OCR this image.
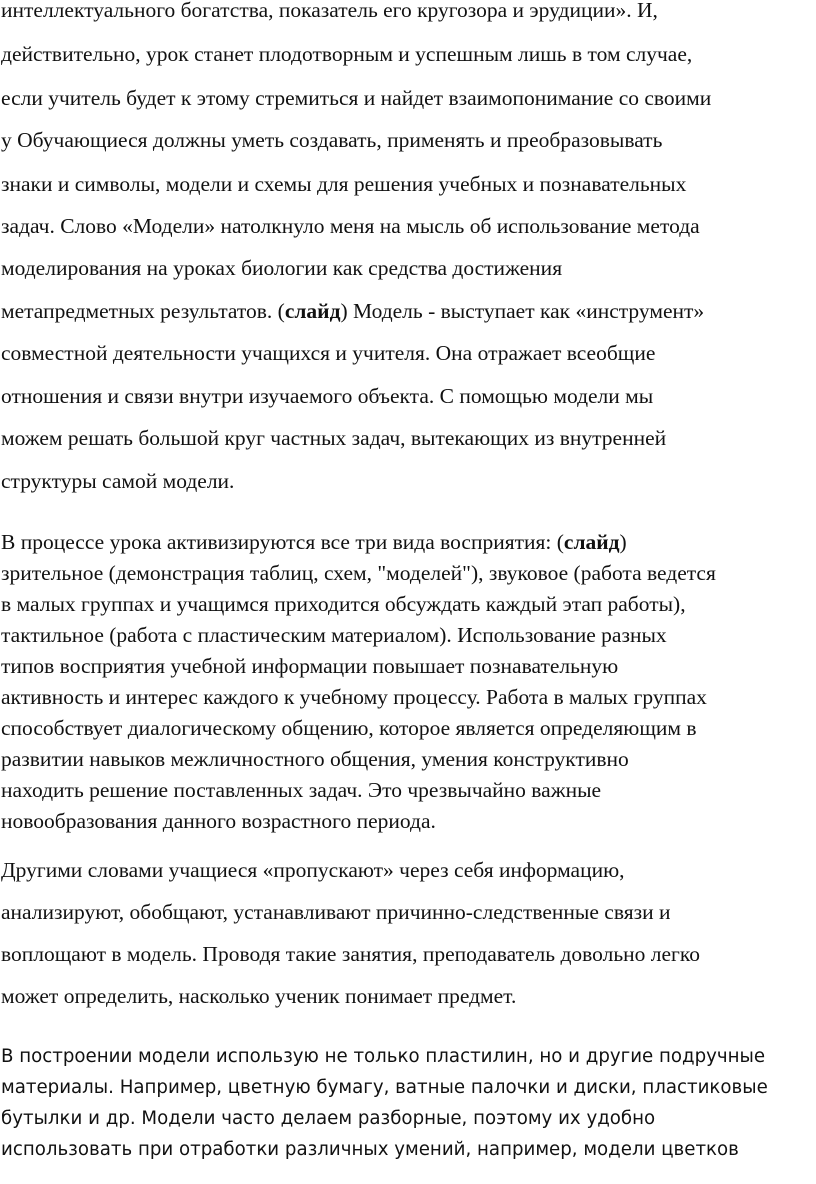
интеллектуального богатства, показатель его кругозора и эрудиции». И,
действительно, урок станет плодотворным и успешным лишь в том случае,
если учитель будет к этому стремиться и найдет взаимопонимание со своими
у Обучающиеся должны уметь создавать, применять и преобразовывать
знаки и символы, модели и схемы для решения учебных и познавательных
задач. Слово «Модели» натолкнуло меня на мысль об использование метода
моделирования на уроках биологии как средства достижения
метапредметных результатов. (слайд) Модель - выступает как «инструмент»
совместной деятельности учащихся и учителя. Она отражает всеобщие
отношения и связи внутри изучаемого объекта. С помощью модели мы
можем решать большой круг частных задач, вытекающих из внутренней
структуры самой модели.
В процессе урока активизируются все три вида восприятия: (слайд)
зрительное (демонстрация таблиц, схем, "моделей"), звуковое (работа ведется
в малых группах и учащимся приходится обсуждать каждый этап работы),
тактильное (работа с пластическим материалом). Использование разных
типов восприятия учебной информации повышает познавательную
активность и интерес каждого к учебному процессу. Работа в малых группах
способствует диалогическому общению, которое является определяющим в
развитии навыков межличностного общения, умения конструктивно
находить решение поставленных задач. Это чрезвычайно важные
новообразования данного возрастного периода.
Другими словами учащиеся «пропускают» через себя информацию,
анализируют, обобщают, устанавливают причинно-следственные связи и
воплощают в модель. Проводя такие занятия, преподаватель довольно легко
может определить, насколько ученик понимает предмет.
В построении модели использую не только пластилин, но и другие подручные
материалы. Например, цветную бумагу, ватные палочки и диски, пластиковые
бутылки и др. Модели часто делаем разборные, поэтому их удобно
использовать при отработки различных умений, например, модели цветков
